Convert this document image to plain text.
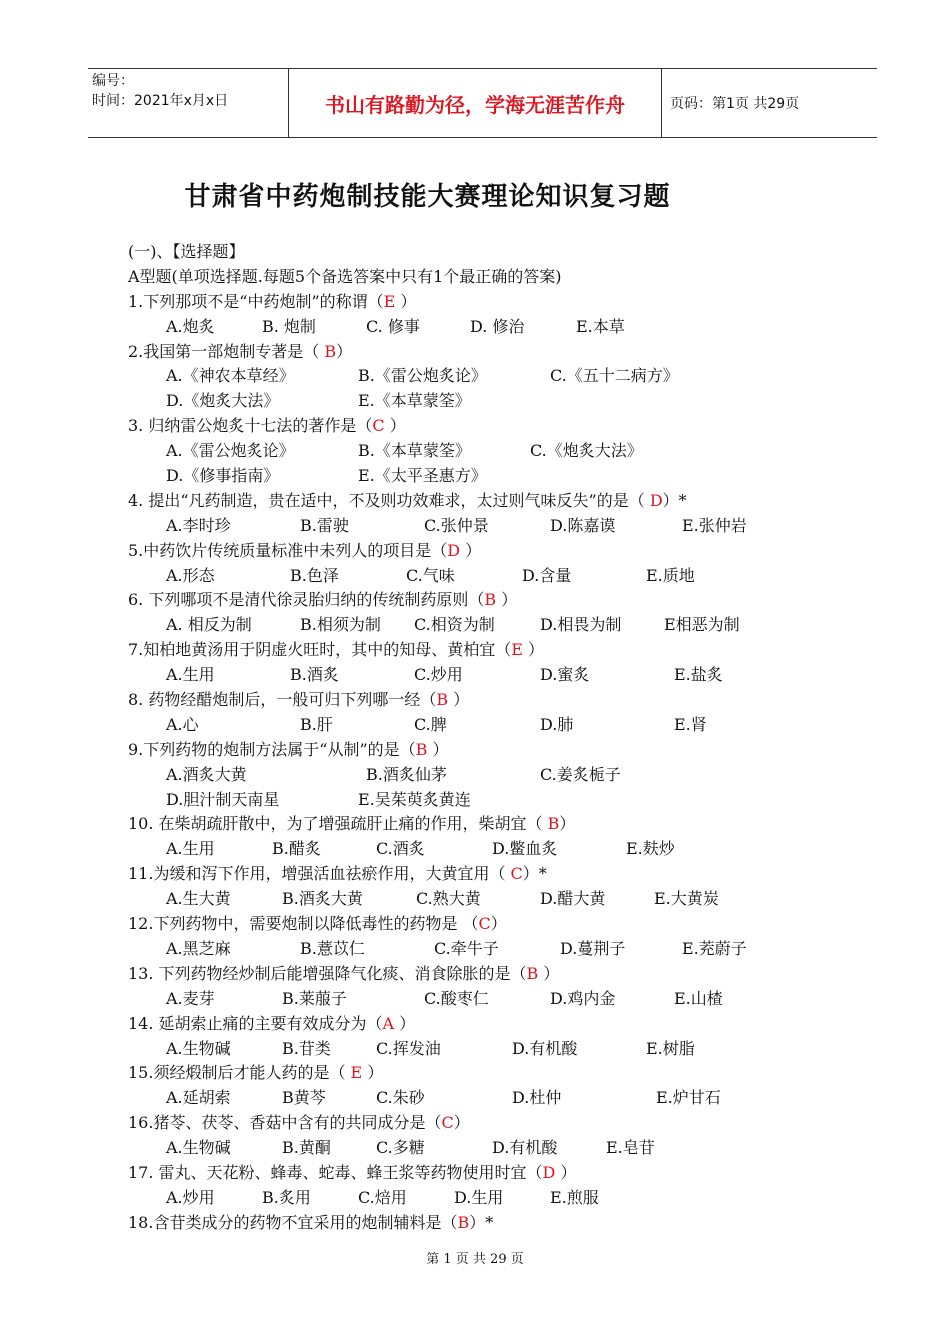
编号：
时间：2021年x月x日	书山有路勤为径，学海无涯苦作舟	页码：第1页 共29页
甘肃省中药炮制技能大赛理论知识复习题
(一)、【选择题】
A型题(单项选择题.每题5个备选答案中只有1个最正确的答案)
1.下列那项不是“中药炮制”的称谓（E ）
A.炮炙	B. 炮制	C. 修事	D. 修治	E.本草
2.我国第一部炮制专著是（ B）
A.《神农本草经》	B.《雷公炮炙论》	C.《五十二病方》
D.《炮炙大法》	E.《本草蒙筌》
3. 归纳雷公炮炙十七法的著作是（C ）
A.《雷公炮炙论》	B.《本草蒙筌》	C.《炮炙大法》
D.《修事指南》	E.《太平圣惠方》
4. 提出“凡药制造，贵在适中，不及则功效难求，太过则气味反失”的是（ D）*
A.李时珍	B.雷驶	C.张仲景	D.陈嘉谟	E.张仲岩
5.中药饮片传统质量标准中未列人的项目是（D ）
A.形态	B.色泽	C.气味	D.含量	E.质地
6. 下列哪项不是清代徐灵胎归纳的传统制药原则（B ）
A. 相反为制	B.相须为制 C.相资为制	D.相畏为制	E相恶为制
7.知柏地黄汤用于阴虚火旺时，其中的知母、黄柏宜（E ）
A.生用	B.酒炙	C.炒用	D.蜜炙	E.盐炙
8. 药物经醋炮制后，一般可归下列哪一经（B ）
A.心	B.肝	C.脾	D.肺	E.肾
9.下列药物的炮制方法属于“从制”的是（B ）
A.酒炙大黄	B.酒炙仙茅	C.姜炙栀子
D.胆汁制天南星	E.吴茱萸炙黄连
10. 在柴胡疏肝散中，为了增强疏肝止痛的作用，柴胡宜（ B）
A.生用	B.醋炙	C.酒炙	D.鳖血炙	E.麸炒
11.为缓和泻下作用，增强活血祛瘀作用，大黄宜用（ C）*
A.生大黄	B.酒炙大黄	C.熟大黄	D.醋大黄	E.大黄炭
12.下列药物中，需要炮制以降低毒性的药物是 （C）
A.黑芝麻	B.薏苡仁	C.牵牛子	D.蔓荆子	E.茺蔚子
13. 下列药物经炒制后能增强降气化痰、消食除胀的是（B ）
A.麦芽	B.莱菔子	C.酸枣仁	D.鸡内金	E.山楂
14. 延胡索止痛的主要有效成分为（A ）
A.生物碱	B.苷类	C.挥发油	D.有机酸	E.树脂
15.须经煅制后才能人药的是（ E ）
A.延胡索	B黄芩	C.朱砂	D.杜仲	E.炉甘石
16.猪苓、茯苓、香菇中含有的共同成分是（C）
A.生物碱	B.黄酮	C.多糖	D.有机酸	E.皂苷
17. 雷丸、天花粉、蜂毒、蛇毒、蜂王浆等药物使用时宜（D ）
A.炒用	B.炙用	C.焙用	D.生用	E.煎服
18.含苷类成分的药物不宜采用的炮制辅料是（B）*
第 1 页 共 29 页
